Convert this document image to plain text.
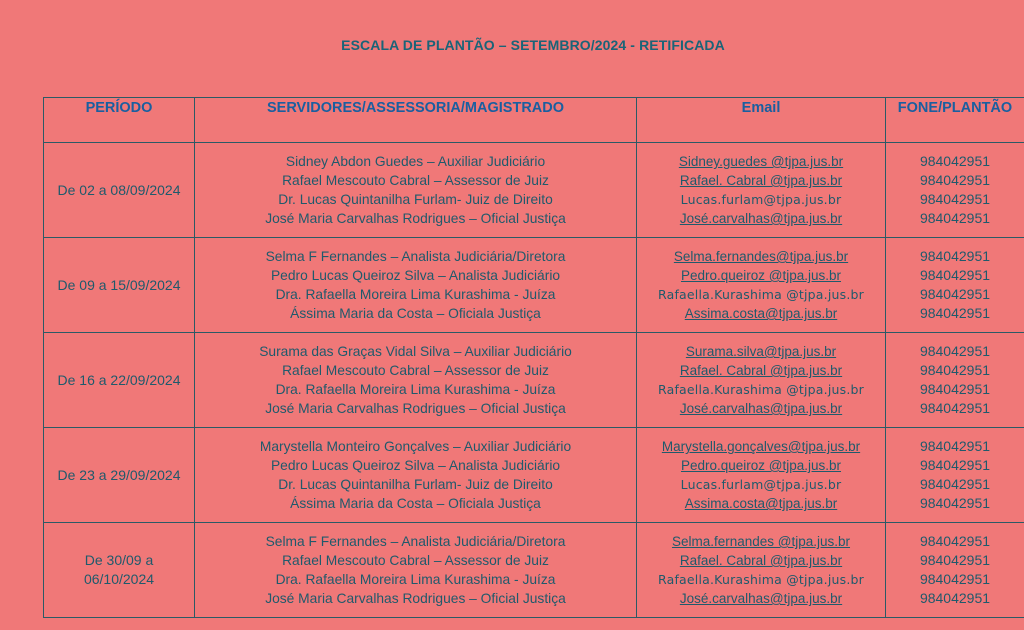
ESCALA DE PLANTÃO – SETEMBRO/2024 - RETIFICADA
PERÍODO	SERVIDORES/ASSESSORIA/MAGISTRADO	Email	FONE/PLANTÃO
De 02 a 08/09/2024	Sidney Abdon Guedes – Auxiliar Judiciário
Rafael Mescouto Cabral – Assessor de Juiz
Dr. Lucas Quintanilha Furlam- Juiz de Direito
José Maria Carvalhas Rodrigues – Oficial Justiça	Sidney.guedes @tjpa.jus.br
Rafael. Cabral @tjpa.jus.br
Lucas.furlam@tjpa.jus.br
José.carvalhas@tjpa.jus.br	984042951
984042951
984042951
984042951

De 09 a 15/09/2024	Selma F Fernandes – Analista Judiciária/Diretora
Pedro Lucas Queiroz Silva – Analista Judiciário
Dra. Rafaella Moreira Lima Kurashima - Juíza
Ássima Maria da Costa – Oficiala Justiça	Selma.fernandes@tjpa.jus.br
Pedro.queiroz @tjpa.jus.br
Rafaella.Kurashima @tjpa.jus.br
Assima.costa@tjpa.jus.br	984042951
984042951
984042951
984042951

De 16 a 22/09/2024	Surama das Graças Vidal Silva – Auxiliar Judiciário
Rafael Mescouto Cabral – Assessor de Juiz
Dra. Rafaella Moreira Lima Kurashima - Juíza
José Maria Carvalhas Rodrigues – Oficial Justiça	Surama.silva@tjpa.jus.br
Rafael. Cabral @tjpa.jus.br
Rafaella.Kurashima @tjpa.jus.br
José.carvalhas@tjpa.jus.br	984042951
984042951
984042951
984042951

De 23 a 29/09/2024	Marystella Monteiro Gonçalves – Auxiliar Judiciário
Pedro Lucas Queiroz Silva – Analista Judiciário
Dr. Lucas Quintanilha Furlam- Juiz de Direito
Ássima Maria da Costa – Oficiala Justiça	Marystella.gonçalves@tjpa.jus.br
Pedro.queiroz @tjpa.jus.br
Lucas.furlam@tjpa.jus.br
Assima.costa@tjpa.jus.br	984042951
984042951
984042951
984042951

De 30/09 a
06/10/2024	Selma F Fernandes – Analista Judiciária/Diretora
Rafael Mescouto Cabral – Assessor de Juiz
Dra. Rafaella Moreira Lima Kurashima - Juíza
José Maria Carvalhas Rodrigues – Oficial Justiça	Selma.fernandes @tjpa.jus.br
Rafael. Cabral @tjpa.jus.br
Rafaella.Kurashima @tjpa.jus.br
José.carvalhas@tjpa.jus.br	984042951
984042951
984042951
984042951
